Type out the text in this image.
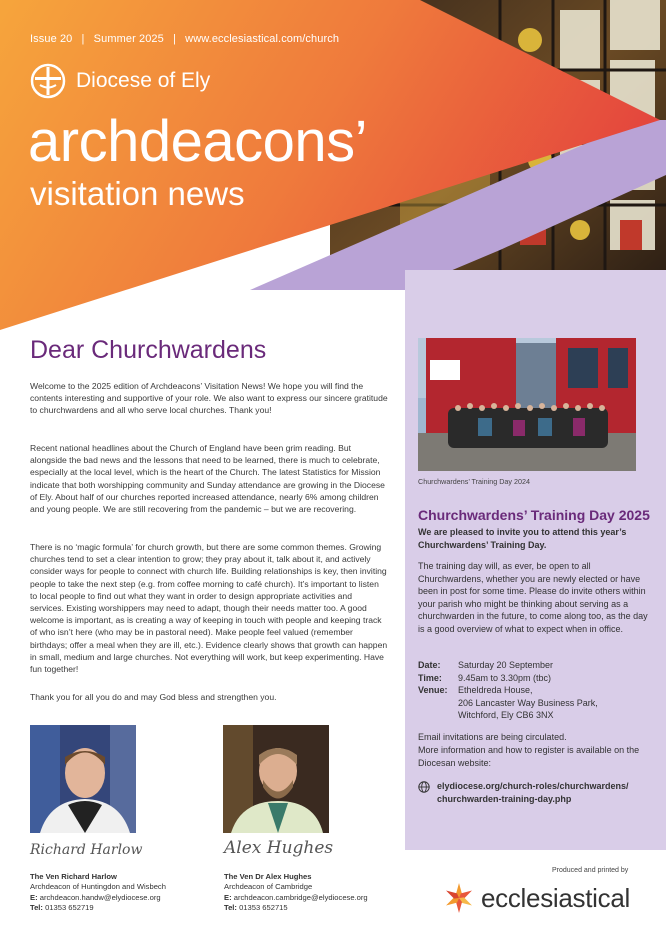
Issue 20 | Summer 2025 | www.ecclesiastical.com/church
Diocese of Ely
archdeacons’
visitation news
Dear Churchwardens

Welcome to the 2025 edition of Archdeacons’ Visitation News! We hope you will find the contents interesting and supportive of your role. We also want to express our sincere gratitude to churchwardens and all who serve local churches. Thank you!

Recent national headlines about the Church of England have been grim reading. But alongside the bad news and the lessons that need to be learned, there is much to celebrate, especially at the local level, which is the heart of the Church. The latest Statistics for Mission indicate that both worshipping community and Sunday attendance are growing in the Diocese of Ely. About half of our churches reported increased attendance, nearly 6% among children and young people. We are still recovering from the pandemic – but we are recovering.

There is no ‘magic formula’ for church growth, but there are some common themes. Growing churches tend to set a clear intention to grow; they pray about it, talk about it, and actively consider ways for people to connect with church life. Building relationships is key, then inviting people to take the next step (e.g. from coffee morning to café church). It’s important to listen to local people to find out what they want in order to design appropriate activities and services. Existing worshippers may need to adapt, though their needs matter too. A good welcome is important, as is creating a way of keeping in touch with people and keeping track of who isn’t here (who may be in pastoral need). Make people feel valued (remember birthdays; offer a meal when they are ill, etc.). Evidence clearly shows that growth can happen in small, medium and large churches. Not everything will work, but keep experimenting. Have fun together!

Thank you for all you do and may God bless and strengthen you.

Richard Harlow	Alex Hughes
The Ven Richard Harlow
Archdeacon of Huntingdon and Wisbech
E: archdeacon.handw@elydiocese.org
Tel: 01353 652719
The Ven Dr Alex Hughes
Archdeacon of Cambridge
E: archdeacon.cambridge@elydiocese.org
Tel: 01353 652715
Churchwardens’ Training Day 2024
Churchwardens’ Training Day 2025
We are pleased to invite you to attend this year’s Churchwardens’ Training Day.
The training day will, as ever, be open to all Churchwardens, whether you are newly elected or have been in post for some time. Please do invite others within your parish who might be thinking about serving as a churchwarden in the future, to come along too, as the day is a good overview of what to expect when in office.
Date:	Saturday 20 September
Time:	9.45am to 3.30pm (tbc)
Venue:	Etheldreda House,
206 Lancaster Way Business Park,
Witchford, Ely CB6 3NX
Email invitations are being circulated.
More information and how to register is available on the Diocesan website:
elydiocese.org/church-roles/churchwardens/
churchwarden-training-day.php
Produced and printed by
ecclesiastical
